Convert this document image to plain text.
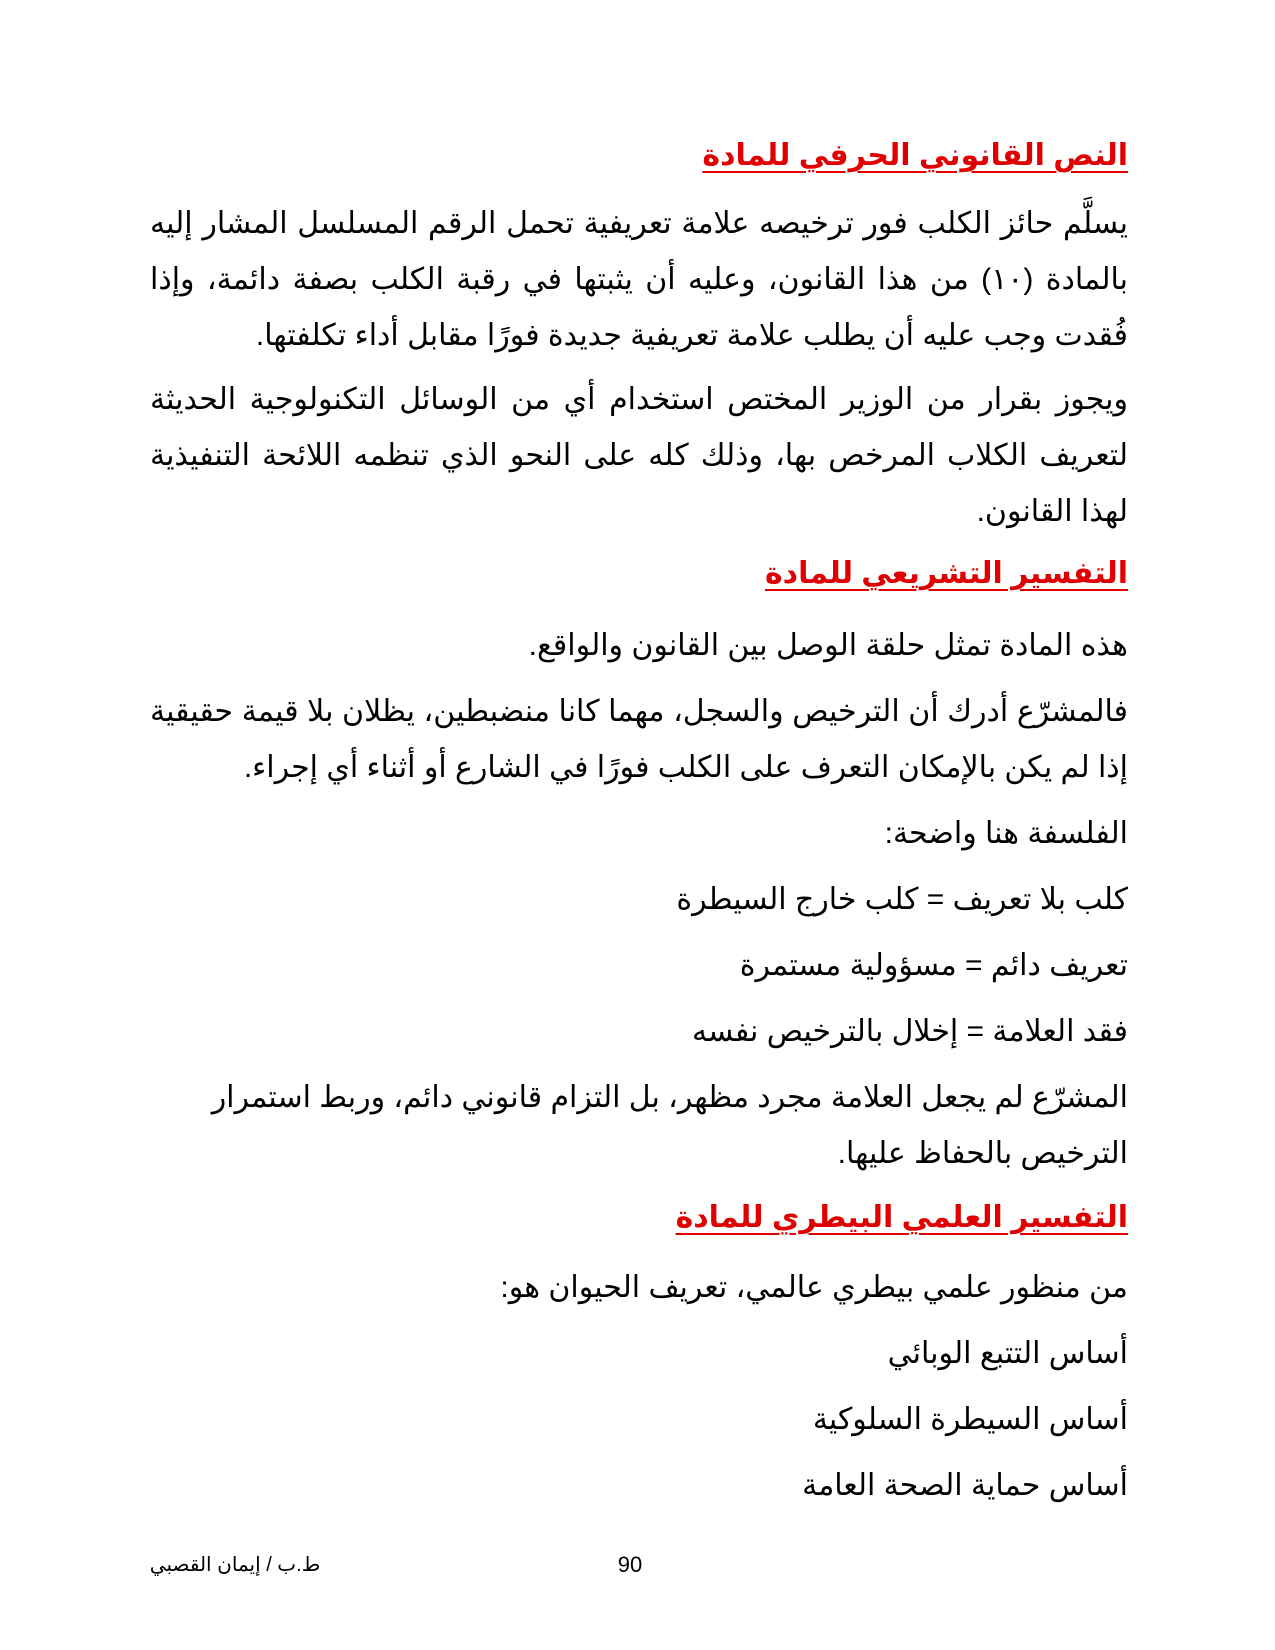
النص القانوني الحرفي للمادة

يسلَّم حائز الكلب فور ترخيصه علامة تعريفية تحمل الرقم المسلسل المشار إليه بالمادة (١٠) من هذا القانون، وعليه أن يثبتها في رقبة الكلب بصفة دائمة، وإذا فُقدت وجب عليه أن يطلب علامة تعريفية جديدة فورًا مقابل أداء تكلفتها.

ويجوز بقرار من الوزير المختص استخدام أي من الوسائل التكنولوجية الحديثة لتعريف الكلاب المرخص بها، وذلك كله على النحو الذي تنظمه اللائحة التنفيذية لهذا القانون.

التفسير التشريعي للمادة

هذه المادة تمثل حلقة الوصل بين القانون والواقع.

فالمشرّع أدرك أن الترخيص والسجل، مهما كانا منضبطين، يظلان بلا قيمة حقيقية إذا لم يكن بالإمكان التعرف على الكلب فورًا في الشارع أو أثناء أي إجراء.

الفلسفة هنا واضحة:

كلب بلا تعريف = كلب خارج السيطرة

تعريف دائم = مسؤولية مستمرة

فقد العلامة = إخلال بالترخيص نفسه

المشرّع لم يجعل العلامة مجرد مظهر، بل التزام قانوني دائم، وربط استمرار الترخيص بالحفاظ عليها.

التفسير العلمي البيطري للمادة

من منظور علمي بيطري عالمي، تعريف الحيوان هو:

أساس التتبع الوبائي

أساس السيطرة السلوكية

أساس حماية الصحة العامة

ط.ب / إيمان القصبي	90
